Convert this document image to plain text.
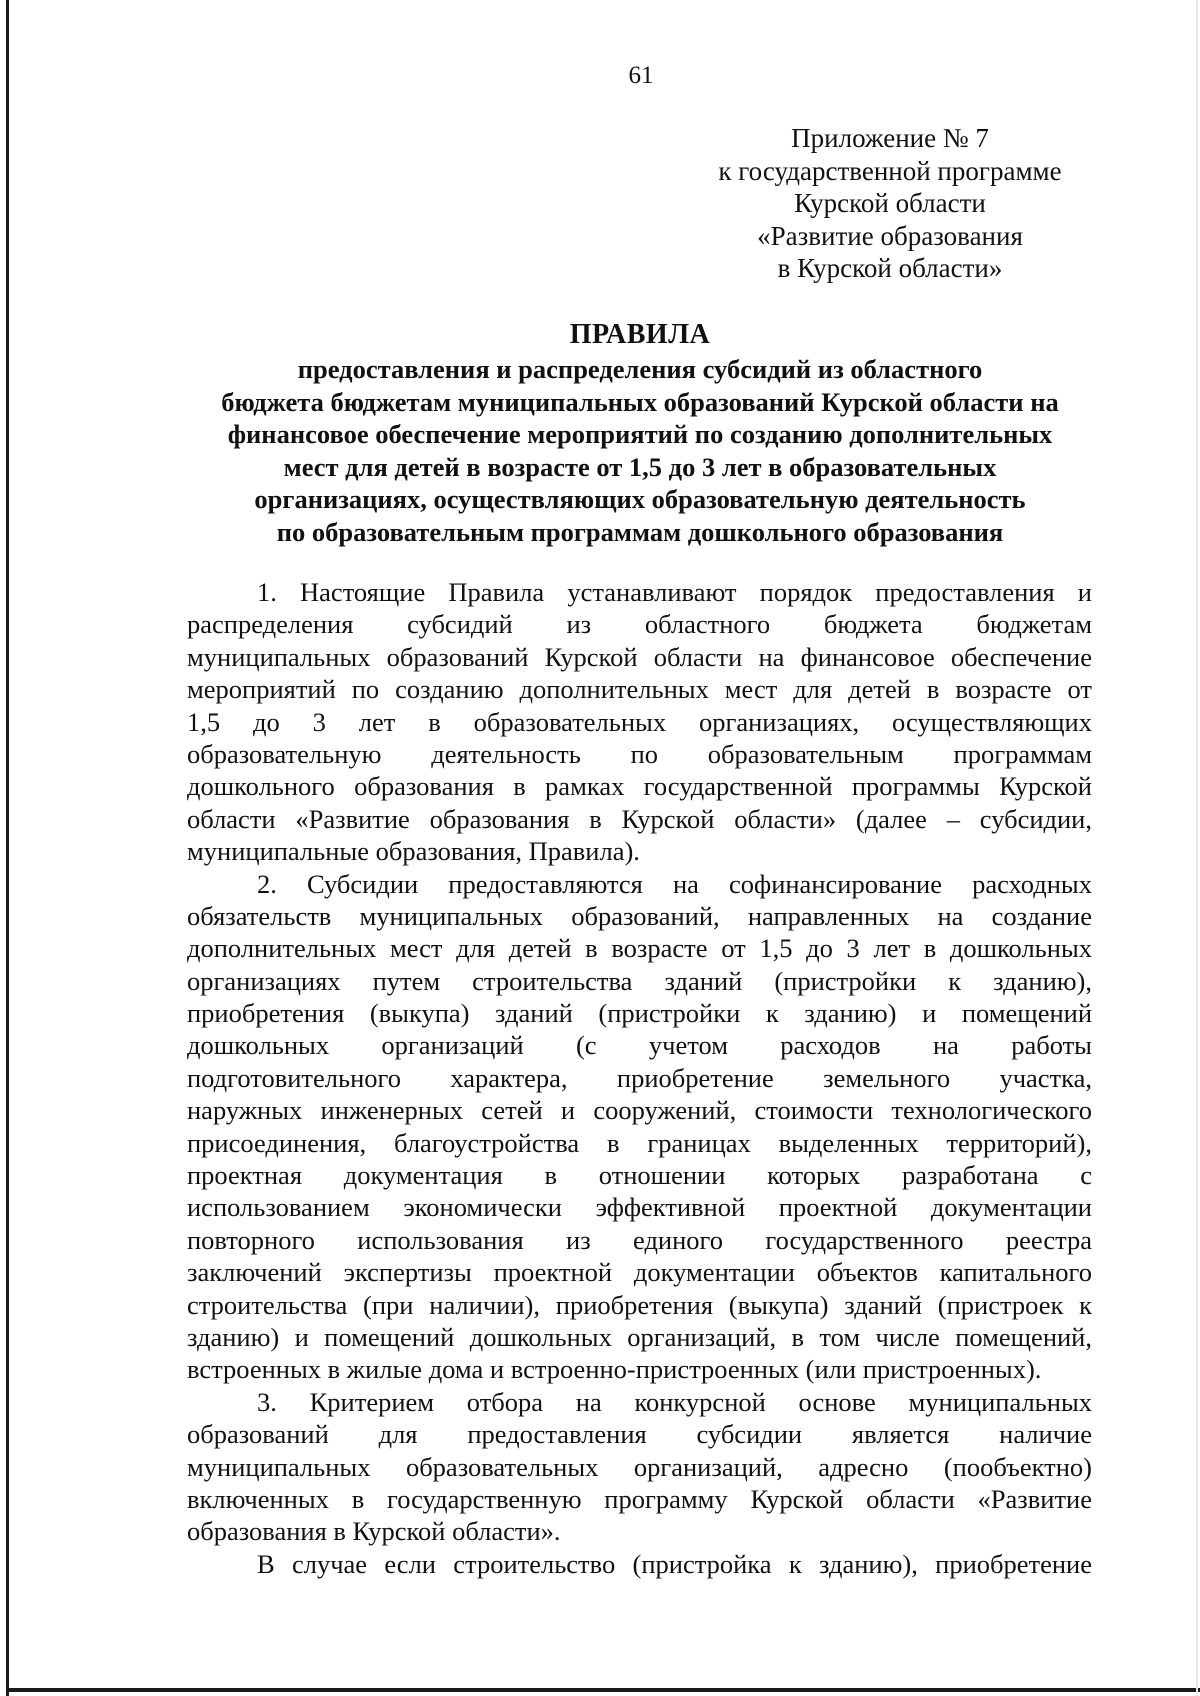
61
Приложение № 7
к государственной программе
Курской области
«Развитие образования
в Курской области»
ПРАВИЛА
предоставления и распределения субсидий из областного
бюджета бюджетам муниципальных образований Курской области на
финансовое обеспечение мероприятий по созданию дополнительных
мест для детей в возрасте от 1,5 до 3 лет в образовательных
организациях, осуществляющих образовательную деятельность
по образовательным программам дошкольного образования
1. Настоящие Правила устанавливают порядок предоставления и
распределения субсидий из областного бюджета бюджетам
муниципальных образований Курской области на финансовое обеспечение
мероприятий по созданию дополнительных мест для детей в возрасте от
1,5 до 3 лет в образовательных организациях, осуществляющих
образовательную деятельность по образовательным программам
дошкольного образования в рамках государственной программы Курской
области «Развитие образования в Курской области» (далее – субсидии,
муниципальные образования, Правила).
2. Субсидии предоставляются на софинансирование расходных
обязательств муниципальных образований, направленных на создание
дополнительных мест для детей в возрасте от 1,5 до 3 лет в дошкольных
организациях путем строительства зданий (пристройки к зданию),
приобретения (выкупа) зданий (пристройки к зданию) и помещений
дошкольных организаций (с учетом расходов на работы
подготовительного характера, приобретение земельного участка,
наружных инженерных сетей и сооружений, стоимости технологического
присоединения, благоустройства в границах выделенных территорий),
проектная документация в отношении которых разработана с
использованием экономически эффективной проектной документации
повторного использования из единого государственного реестра
заключений экспертизы проектной документации объектов капитального
строительства (при наличии), приобретения (выкупа) зданий (пристроек к
зданию) и помещений дошкольных организаций, в том числе помещений,
встроенных в жилые дома и встроенно-пристроенных (или пристроенных).
3. Критерием отбора на конкурсной основе муниципальных
образований для предоставления субсидии является наличие
муниципальных образовательных организаций, адресно (пообъектно)
включенных в государственную программу Курской области «Развитие
образования в Курской области».
В случае если строительство (пристройка к зданию), приобретение
